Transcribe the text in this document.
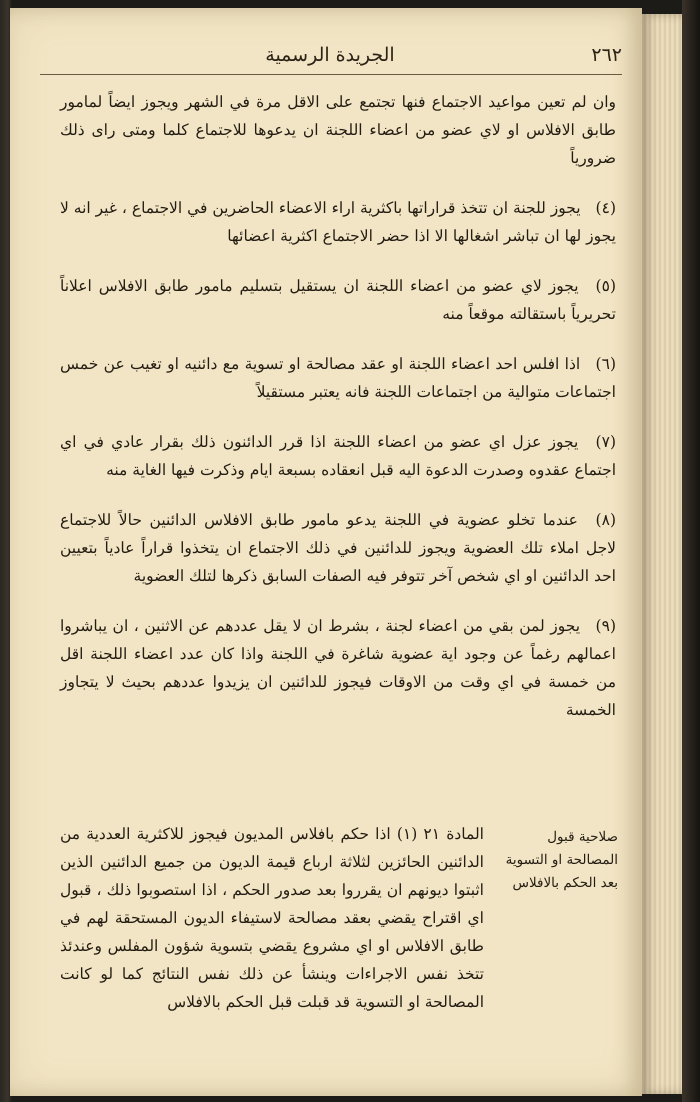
٢٦٢
الجريدة الرسمية

وان لم تعين مواعيد الاجتماع فنها تجتمع على الاقل مرة في الشهر ويجوز ايضاً لمامور طابق الافلاس او لاي عضو من اعضاء اللجنة ان يدعوها للاجتماع كلما ومتى راى ذلك ضرورياً

(٤) يجوز للجنة ان تتخذ قراراتها باكثرية اراء الاعضاء الحاضرين في الاجتماع ، غير انه لا يجوز لها ان تباشر اشغالها الا اذا حضر الاجتماع اكثرية اعضائها

(٥) يجوز لاي عضو من اعضاء اللجنة ان يستقيل بتسليم مامور طابق الافلاس اعلاناً تحريرياً باستقالته موقعاً منه

(٦) اذا افلس احد اعضاء اللجنة او عقد مصالحة او تسوية مع دائنيه او تغيب عن خمس اجتماعات متوالية من اجتماعات اللجنة فانه يعتبر مستقيلاً

(٧) يجوز عزل اي عضو من اعضاء اللجنة اذا قرر الدائنون ذلك بقرار عادي في اي اجتماع عقدوه وصدرت الدعوة اليه قبل انعقاده بسبعة ايام وذكرت فيها الغاية منه

(٨) عندما تخلو عضوية في اللجنة يدعو مامور طابق الافلاس الدائنين حالاً للاجتماع لاجل املاء تلك العضوية ويجوز للدائنين في ذلك الاجتماع ان يتخذوا قراراً عادياً بتعيين احد الدائنين او اي شخص آخر تتوفر فيه الصفات السابق ذكرها لتلك العضوية

(٩) يجوز لمن بقي من اعضاء لجنة ، بشرط ان لا يقل عددهم عن الاثنين ، ان يباشروا اعمالهم رغماً عن وجود اية عضوية شاغرة في اللجنة واذا كان عدد اعضاء اللجنة اقل من خمسة في اي وقت من الاوقات فيجوز للدائنين ان يزيدوا عددهم بحيث لا يتجاوز الخمسة

صلاحية قبول المصالحة او التسوية بعد الحكم بالافلاس

المادة ٢١ (١) اذا حكم بافلاس المديون فيجوز للاكثرية العددية من الدائنين الحائزين لثلاثة ارباع قيمة الديون من جميع الدائنين الذين اثبتوا ديونهم ان يقرروا بعد صدور الحكم ، اذا استصوبوا ذلك ، قبول اي اقتراح يقضي بعقد مصالحة لاستيفاء الديون المستحقة لهم في طابق الافلاس او اي مشروع يقضي بتسوية شؤون المفلس وعندئذ تتخذ نفس الاجراءات وينشأ عن ذلك نفس النتائج كما لو كانت المصالحة او التسوية قد قبلت قبل الحكم بالافلاس
